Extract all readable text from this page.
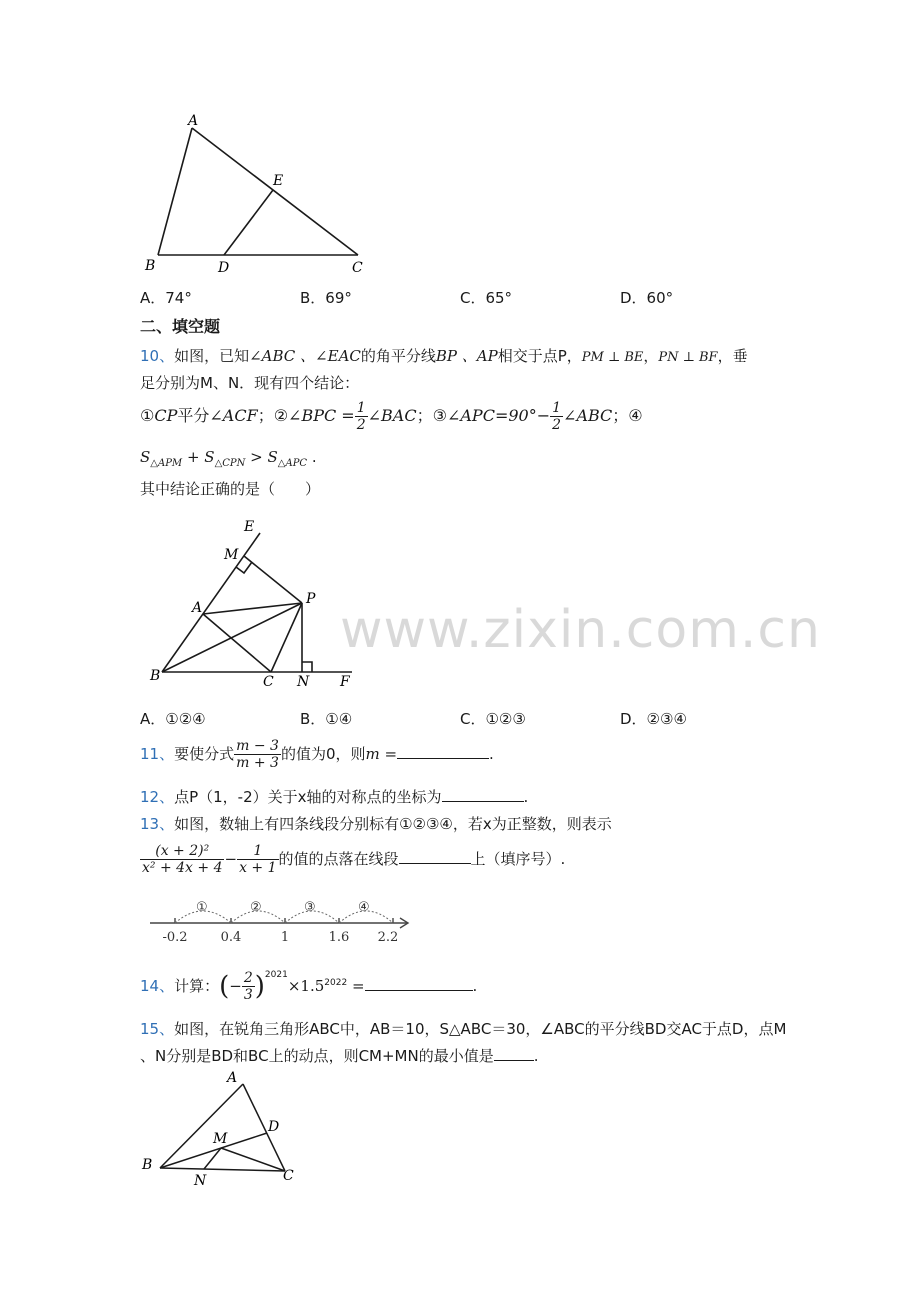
A
E
B	D	C
A．74°	B．69°	C．65°	D．60°
二、填空题
10、如图，已知∠ABC 、∠EAC的角平分线BP 、AP相交于点P，PM ⊥ BE，PN ⊥ BF，垂
足分别为M、N．现有四个结论：
①CP平分∠ACF；②∠BPC = $\frac{1}{2}$ ∠BAC；③∠APC=90°− $\frac{1}{2}$ ∠ABC；④
$S_{\triangle APM} + S_{\triangle CPN} > S_{\triangle APC}$ .
其中结论正确的是（　　）
E
M
A
P
B	C N F
www.zixin.com.cn
A．①②④	B．①④	C．①②③	D．②③④
11、要使分式 $\frac{m - 3}{m + 3}$ 的值为0，则m =	.
12、点P（1，-2）关于x轴的对称点的坐标为	.
13、如图，数轴上有四条线段分别标有①②③④，若x为正整数，则表示
$\frac{\text{(x + 2)²}}{\text{x² + 4x + 4}} - \frac{1}{x + 1}$ 的值的点落在线段	上（填序号）.
①	②	③	④
-0.2	0.4	1	1.6 2.2
14、计算：(− $\frac{2}{3} )^{2021}\times 1.5^{2022}$ =	.
15、如图，在锐角三角形ABC中，AB＝10，S△ABC＝30，∠ABC的平分线BD交AC于点D，点M
、N分别是BD和BC上的动点，则CM+MN的最小值是	.
A
D
M
B
N	C
